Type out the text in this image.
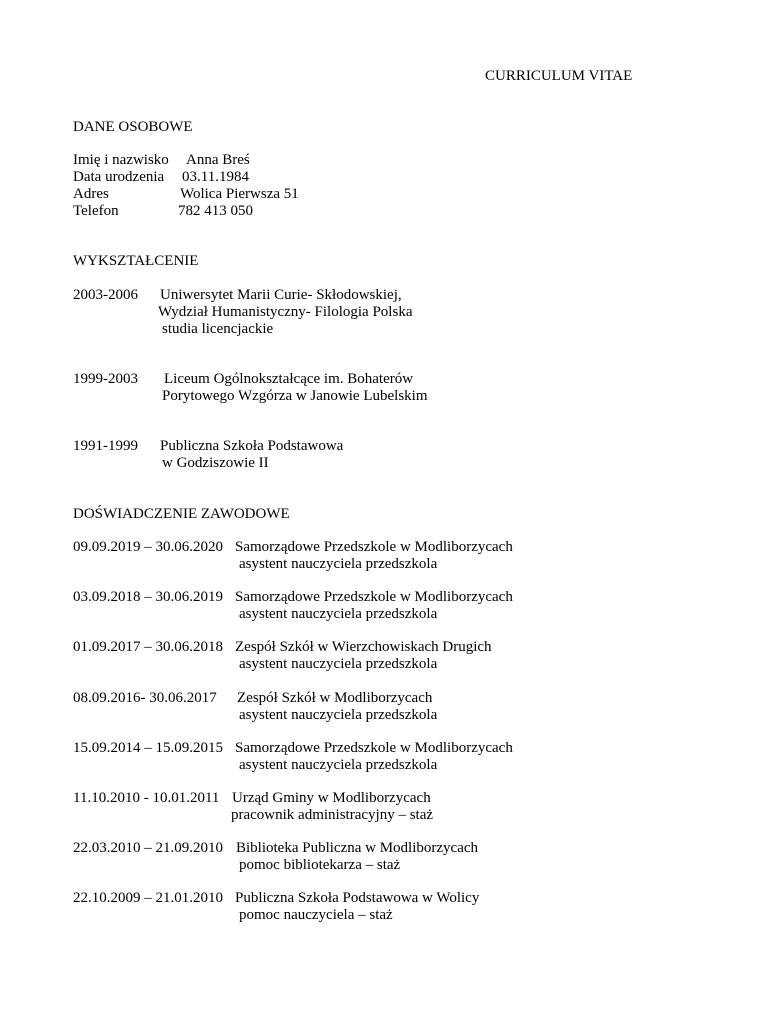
CURRICULUM VITAE

DANE OSOBOWE

Imię i nazwisko Anna Breś

Data urodzenia 03.11.1984

Adres	Wolica Pierwsza 51

Telefon	782 413 050

WYKSZTAŁCENIE

2003-2006 Uniwersytet Marii Curie- Skłodowskiej,

Wydział Humanistyczny- Filologia Polska

studia licencjackie

1999-2003 Liceum Ogólnokształcące im. Bohaterów

Porytowego Wzgórza w Janowie Lubelskim

1991-1999 Publiczna Szkoła Podstawowa

w Godziszowie II

DOŚWIADCZENIE ZAWODOWE

09.09.2019 – 30.06.2020 Samorządowe Przedszkole w Modliborzycach

asystent nauczyciela przedszkola

03.09.2018 – 30.06.2019 Samorządowe Przedszkole w Modliborzycach

asystent nauczyciela przedszkola

01.09.2017 – 30.06.2018 Zespół Szkół w Wierzchowiskach Drugich

asystent nauczyciela przedszkola

08.09.2016- 30.06.2017 Zespół Szkół w Modliborzycach

asystent nauczyciela przedszkola

15.09.2014 – 15.09.2015 Samorządowe Przedszkole w Modliborzycach

asystent nauczyciela przedszkola

11.10.2010 - 10.01.2011 Urząd Gminy w Modliborzycach

pracownik administracyjny – staż

22.03.2010 – 21.09.2010 Biblioteka Publiczna w Modliborzycach

pomoc bibliotekarza – staż

22.10.2009 – 21.01.2010 Publiczna Szkoła Podstawowa w Wolicy

pomoc nauczyciela – staż
